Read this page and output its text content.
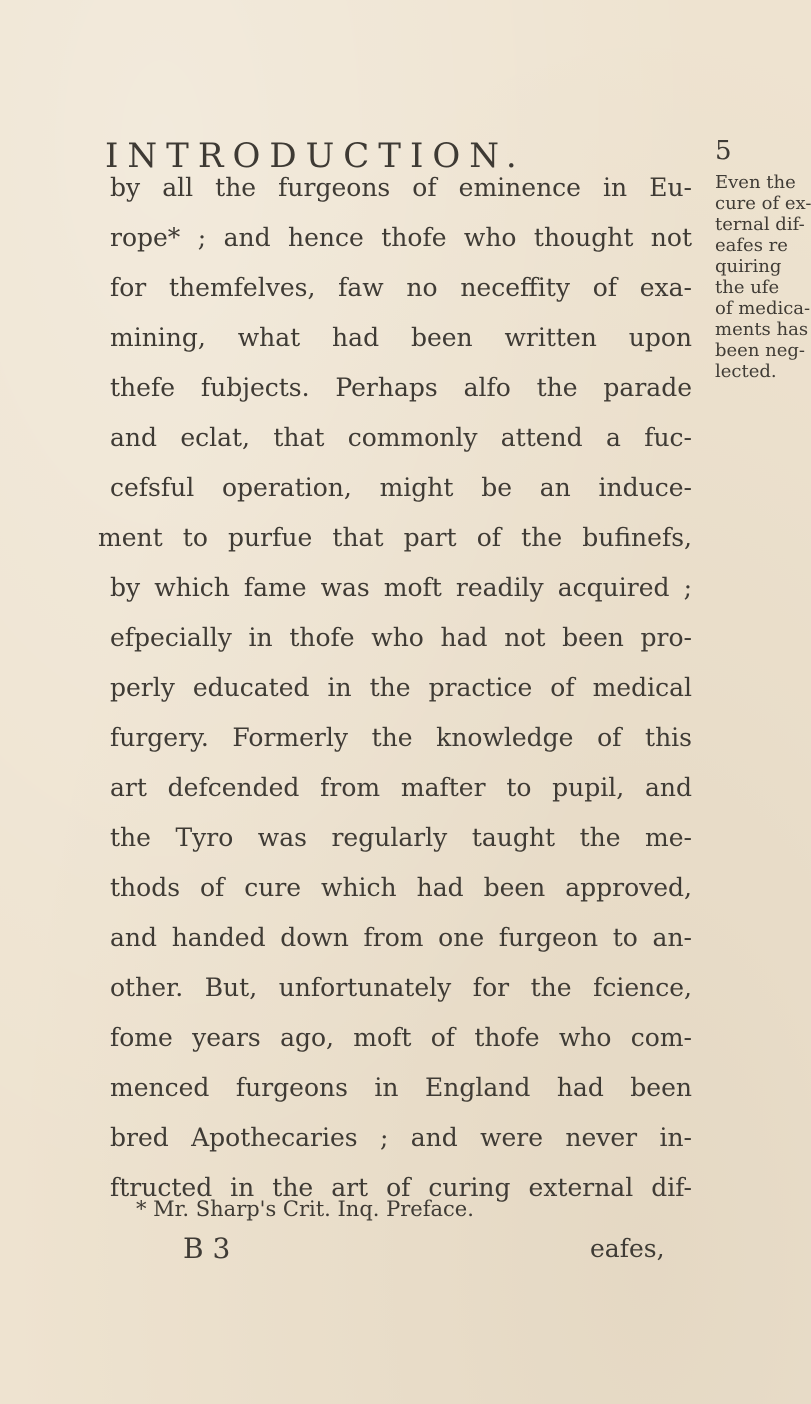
INTRODUCTION.
by all the furgeons of eminence in Eu-
rope* ; and hence thofe who thought not
for themfelves, faw no neceffity of exa-
mining, what had been written upon
thefe fubjects. Perhaps alfo the parade
and eclat, that commonly attend a fuc-
cefsful operation, might be an induce-
ment to purfue that part of the bufinefs,
by which fame was moft readily acquired ;
efpecially in thofe who had not been pro-
perly educated in the practice of medical
furgery. Formerly the knowledge of this
art defcended from mafter to pupil, and
the Tyro was regularly taught the me-
thods of cure which had been approved,
and handed down from one furgeon to an-
other. But, unfortunately for the fcience,
fome years ago, moft of thofe who com-
menced furgeons in England had been
bred Apothecaries ; and were never in-
ftructed in the art of curing external dif-
* Mr. Sharp's Crit. Inq. Preface.
B 3	eafes,
5
Even the
cure of ex-
ternal dif-
eafes re
quiring
the ufe
of medica-
ments has
been neg-
lected.
